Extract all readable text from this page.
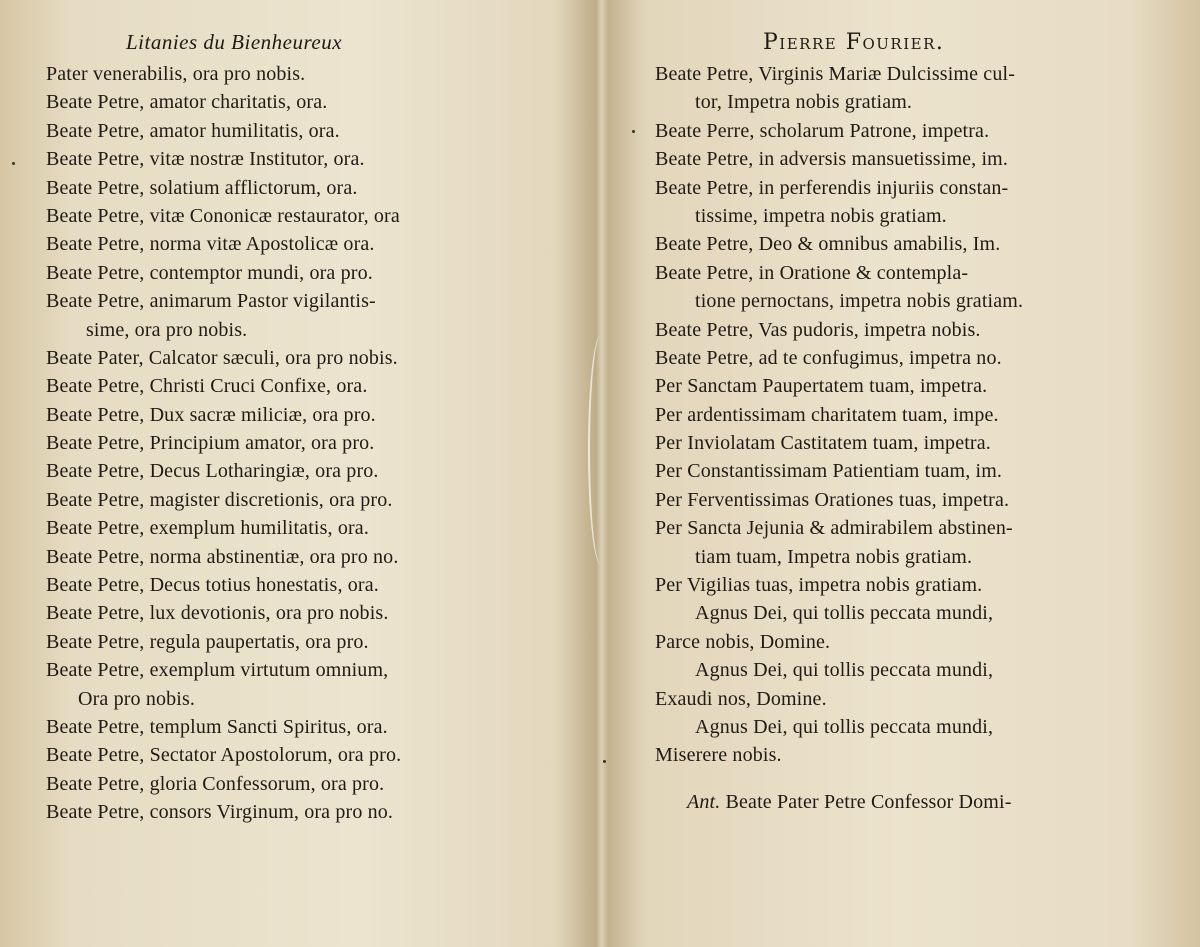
Litanies du Bienheureux
Pater venerabilis, ora pro nobis.
Beate Petre, amator charitatis, ora.
Beate Petre, amator humilitatis, ora.
Beate Petre, vitæ nostræ Institutor, ora.
Beate Petre, solatium afflictorum, ora.
Beate Petre, vitæ Cononicæ restaurator, ora
Beate Petre, norma vitæ Apostolicæ ora.
Beate Petre, contemptor mundi, ora pro.
Beate Petre, animarum Pastor vigilantis-
sime, ora pro nobis.
Beate Pater, Calcator sæculi, ora pro nobis.
Beate Petre, Christi Cruci Confixe, ora.
Beate Petre, Dux sacræ miliciæ, ora pro.
Beate Petre, Principium amator, ora pro.
Beate Petre, Decus Lotharingiæ, ora pro.
Beate Petre, magister discretionis, ora pro.
Beate Petre, exemplum humilitatis, ora.
Beate Petre, norma abstinentiæ, ora pro no.
Beate Petre, Decus totius honestatis, ora.
Beate Petre, lux devotionis, ora pro nobis.
Beate Petre, regula paupertatis, ora pro.
Beate Petre, exemplum virtutum omnium,
Ora pro nobis.
Beate Petre, templum Sancti Spiritus, ora.
Beate Petre, Sectator Apostolorum, ora pro.
Beate Petre, gloria Confessorum, ora pro.
Beate Petre, consors Virginum, ora pro no.
Pierre Fourier.
Beate Petre, Virginis Mariæ Dulcissime cul-
tor, Impetra nobis gratiam.
Beate Perre, scholarum Patrone, impetra.
Beate Petre, in adversis mansuetissime, im.
Beate Petre, in perferendis injuriis constan-
tissime, impetra nobis gratiam.
Beate Petre, Deo & omnibus amabilis, Im.
Beate Petre, in Oratione & contempla-
tione pernoctans, impetra nobis gratiam.
Beate Petre, Vas pudoris, impetra nobis.
Beate Petre, ad te confugimus, impetra no.
Per Sanctam Paupertatem tuam, impetra.
Per ardentissimam charitatem tuam, impe.
Per Inviolatam Castitatem tuam, impetra.
Per Constantissimam Patientiam tuam, im.
Per Ferventissimas Orationes tuas, impetra.
Per Sancta Jejunia & admirabilem abstinen-
tiam tuam, Impetra nobis gratiam.
Per Vigilias tuas, impetra nobis gratiam.
Agnus Dei, qui tollis peccata mundi,
Parce nobis, Domine.
Agnus Dei, qui tollis peccata mundi,
Exaudi nos, Domine.
Agnus Dei, qui tollis peccata mundi,
Miserere nobis.
Ant. Beate Pater Petre Confessor Domi-
